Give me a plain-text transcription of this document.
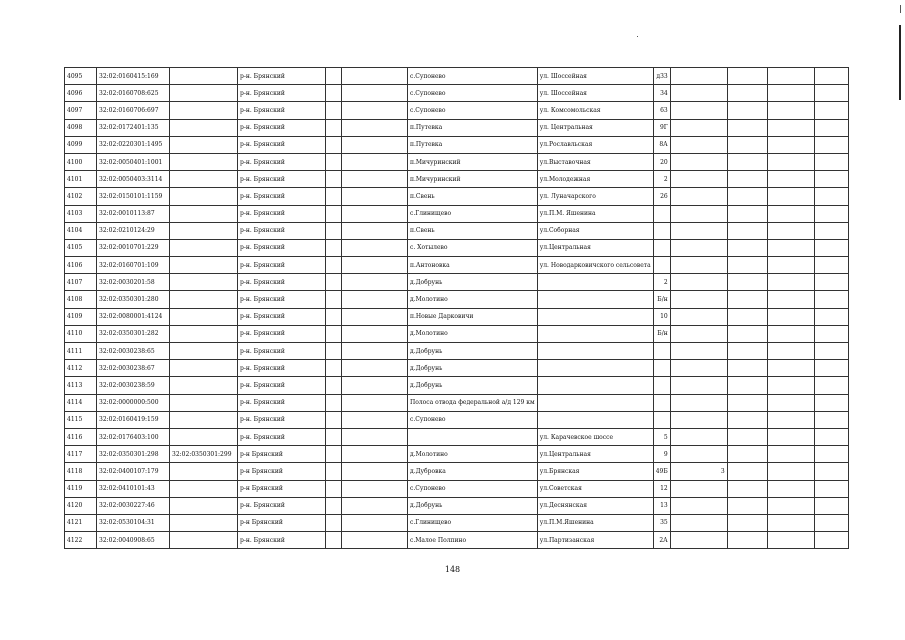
4095	32:02:0160415:169		р-н. Брянский			с.Супонево	ул. Шоссейная	д33				
4096	32:02:0160708:625		р-н. Брянский			с.Супонево	ул. Шоссейная	34				
4097	32:02:0160706:697		р-н. Брянский			с.Супонево	ул. Комсомольская	63				
4098	32:02:0172401:135		р-н. Брянский			п.Путевка	ул. Центральная	9Г				
4099	32:02:0220301:1495		р-н. Брянский			п.Путевка	ул.Рославльская	8А				
4100	32:02:0050401:1001		р-н. Брянский			п.Мичуринский	ул.Выставочная	20				
4101	32:02:0050403:3114		р-н. Брянский			п.Мичуринский	ул.Молодежная	2				
4102	32:02:0150101:1159		р-н. Брянский			п.Свень	ул. Луначарского	26				
4103	32:02:0010113:87		р-н. Брянский			с.Глинищево	ул.П.М. Яшенина					
4104	32:02:0210124:29		р-н. Брянский			п.Свень	ул.Соборная					
4105	32:02:0010701:229		р-н. Брянский			с. Хотылево	ул.Центральная					
4106	32:02:0160701:109		р-н. Брянский			п.Антоновка	ул. Новодарковичского сельсовета					
4107	32:02:0030201:58		р-н. Брянский			д.Добрунь		2				
4108	32:02:0350301:280		р-н. Брянский			д.Молотино		Б/н				
4109	32:02:0080001:4124		р-н. Брянский			п.Новые Дарковичи		10				
4110	32:02:0350301:282		р-н. Брянский			д.Молотино		Б/н				
4111	32:02:0030238:65		р-н. Брянский			д.Добрунь						
4112	32:02:0030238:67		р-н. Брянский			д.Добрунь						
4113	32:02:0030238:59		р-н. Брянский			д.Добрунь						
4114	32:02:0000000:500		р-н. Брянский			Полоса отвода федеральной а/д 129 км						
4115	32:02:0160419:159		р-н. Брянский			с.Супонево						
4116	32:02:0176403:100		р-н. Брянский				ул. Карачевское шоссе	5				
4117	32:02:0350301:298	32:02:0350301:299	р-н Брянский			д.Молотино	ул.Центральная	9				
4118	32:02:0400107:179		р-н Брянский			д.Дубровка	ул.Брянская	49Б	3			
4119	32:02:0410101:43		р-н Брянский			с.Супонево	ул.Советская	12				
4120	32:02:0030227:46		р-н. Брянский			д.Добрунь	ул.Деснянская	13				
4121	32:02:0530104:31		р-н Брянский			с.Глинищево	ул.П.М.Яшенина	35				
4122	32:02:0040908:65		р-н. Брянский			с.Малое Полпино	ул.Партизанская	2А				
148
